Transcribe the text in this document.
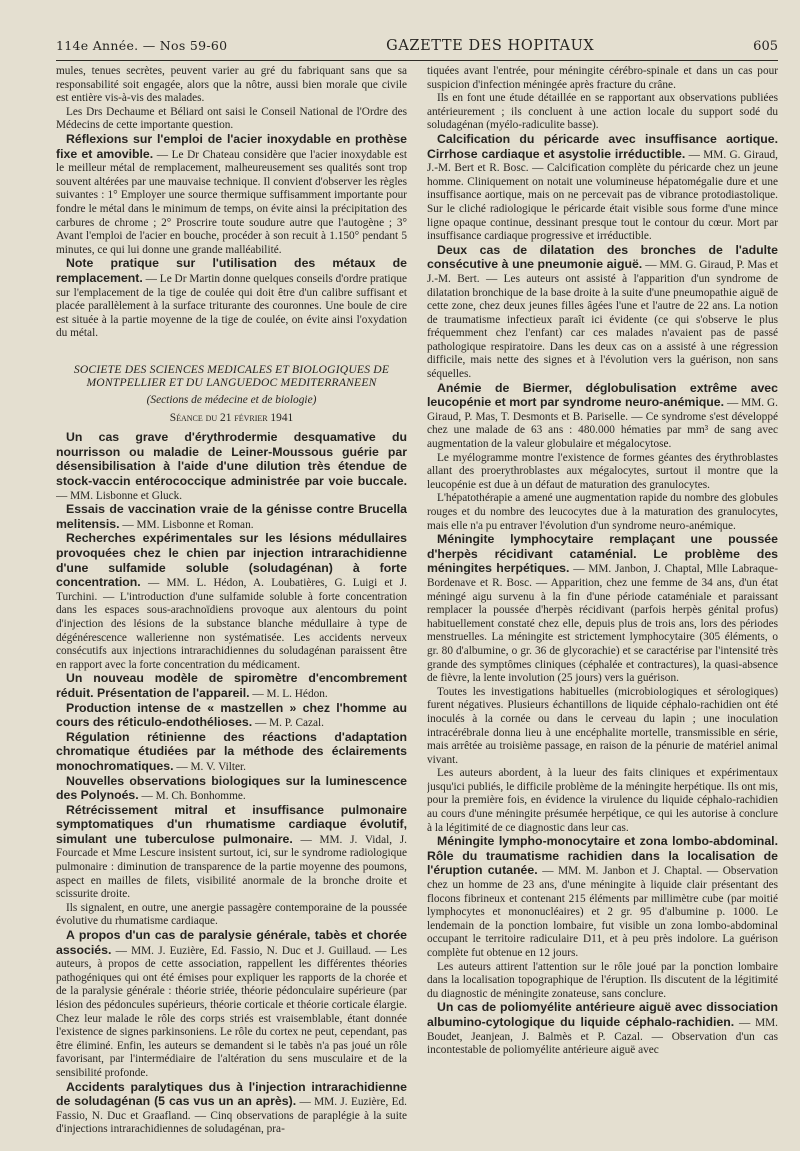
114e Année. — Nos 59-60	GAZETTE DES HOPITAUX	605

mules, tenues secrètes, peuvent varier au gré du fabriquant sans que sa responsabilité soit engagée, alors que la nôtre, aussi bien morale que civile est entière vis-à-vis des malades.

Les Drs Dechaume et Béliard ont saisi le Conseil National de l'Ordre des Médecins de cette importante question.

Réflexions sur l'emploi de l'acier inoxydable en prothèse fixe et amovible. — Le Dr Chateau considère que l'acier inoxydable est le meilleur métal de remplacement, malheureusement ses qualités sont trop souvent altérées par une mauvaise technique. Il convient d'observer les règles suivantes : 1° Employer une source thermique suffisamment importante pour fondre le métal dans le minimum de temps, on évite ainsi la précipitation des carbures de chrome ; 2° Proscrire toute soudure autre que l'autogène ; 3° Avant l'emploi de l'acier en bouche, procéder à son recuit à 1.150° pendant 5 minutes, ce qui lui donne une grande malléabilité.

Note pratique sur l'utilisation des métaux de remplacement. — Le Dr Martin donne quelques conseils d'ordre pratique sur l'emplacement de la tige de coulée qui doit être d'un calibre suffisant et placée parallèlement à la surface triturante des couronnes. Une boule de cire est située à la partie moyenne de la tige de coulée, on évite ainsi l'oxydation du métal.

SOCIETE DES SCIENCES MEDICALES ET BIOLOGIQUES DE MONTPELLIER ET DU LANGUEDOC MEDITERRANEEN
(Sections de médecine et de biologie)
Séance du 21 février 1941

Un cas grave d'érythrodermie desquamative du nourrisson ou maladie de Leiner-Moussous guérie par désensibilisation à l'aide d'une dilution très étendue de stock-vaccin entérococcique administrée par voie buccale. — MM. Lisbonne et Gluck.

Essais de vaccination vraie de la génisse contre Brucella melitensis. — MM. Lisbonne et Roman.

Recherches expérimentales sur les lésions médullaires provoquées chez le chien par injection intrarachidienne d'une sulfamide soluble (soludagénan) à forte concentration. — MM. L. Hédon, A. Loubatières, G. Luigi et J. Turchini. — L'introduction d'une sulfamide soluble à forte concentration dans les espaces sous-arachnoïdiens provoque aux alentours du point d'injection des lésions de la substance blanche médullaire à type de dégénérescence wallerienne non systématisée. Les accidents nerveux consécutifs aux injections intrarachidiennes du soludagénan paraissent être en rapport avec la forte concentration du médicament.

Un nouveau modèle de spiromètre d'encombrement réduit. Présentation de l'appareil. — M. L. Hédon.

Production intense de « mastzellen » chez l'homme au cours des réticulo-endothélioses. — M. P. Cazal.

Régulation rétinienne des réactions d'adaptation chromatique étudiées par la méthode des éclairements monochromatiques. — M. V. Vilter.

Nouvelles observations biologiques sur la luminescence des Polynoés. — M. Ch. Bonhomme.

Rétrécissement mitral et insuffisance pulmonaire symptomatiques d'un rhumatisme cardiaque évolutif, simulant une tuberculose pulmonaire. — MM. J. Vidal, J. Fourcade et Mme Lescure insistent surtout, ici, sur le syndrome radiologique pulmonaire : diminution de transparence de la partie moyenne des poumons, aspect en mailles de filets, visibilité anormale de la bronche droite et scissurite droite.

Ils signalent, en outre, une anergie passagère contemporaine de la poussée évolutive du rhumatisme cardiaque.

A propos d'un cas de paralysie générale, tabès et chorée associés. — MM. J. Euzière, Ed. Fassio, N. Duc et J. Guillaud. — Les auteurs, à propos de cette association, rappellent les différentes théories pathogéniques qui ont été émises pour expliquer les rapports de la chorée et de la paralysie générale : théorie striée, théorie pédonculaire supérieure (par lésion des pédoncules supérieurs, théorie corticale et théorie corticale élargie. Chez leur malade le rôle des corps striés est vraisemblable, étant donnée l'existence de signes parkinsoniens. Le rôle du cortex ne peut, cependant, pas être éliminé. Enfin, les auteurs se demandent si le tabès n'a pas joué un rôle favorisant, par l'intermédiaire de l'altération du sens musculaire et de la sensibilité profonde.

Accidents paralytiques dus à l'injection intrarachidienne de soludagénan (5 cas vus un an après). — MM. J. Euzière, Ed. Fassio, N. Duc et Graafland. — Cinq observations de paraplégie à la suite d'injections intrarachidiennes de soludagénan, pra-

tiquées avant l'entrée, pour méningite cérébro-spinale et dans un cas pour suspicion d'infection méningée après fracture du crâne.

Ils en font une étude détaillée en se rapportant aux observations publiées antérieurement ; ils concluent à une action locale du support sodé du soludagénan (myélo-radiculite basse).

Calcification du péricarde avec insuffisance aortique. Cirrhose cardiaque et asystolie irréductible. — MM. G. Giraud, J.-M. Bert et R. Bosc. — Calcification complète du péricarde chez un jeune homme. Cliniquement on notait une volumineuse hépatomégalie dure et une insuffisance aortique, mais on ne percevait pas de vibrance protodiastolique. Sur le cliché radiologique le péricarde était visible sous forme d'une mince ligne opaque continue, dessinant presque tout le contour du cœur. Mort par insuffisance cardiaque progressive et irréductible.

Deux cas de dilatation des bronches de l'adulte consécutive à une pneumonie aiguë. — MM. G. Giraud, P. Mas et J.-M. Bert. — Les auteurs ont assisté à l'apparition d'un syndrome de dilatation bronchique de la base droite à la suite d'une pneumopathie aiguë de cette zone, chez deux jeunes filles âgées l'une et l'autre de 22 ans. La notion de traumatisme infectieux paraît ici évidente (ce qui s'observe le plus fréquemment chez l'enfant) car ces malades n'avaient pas de passé pathologique respiratoire. Dans les deux cas on a assisté à une régression difficile, mais nette des signes et à l'évolution vers la guérison, non sans séquelles.

Anémie de Biermer, déglobulisation extrême avec leucopénie et mort par syndrome neuro-anémique. — MM. G. Giraud, P. Mas, T. Desmonts et B. Pariselle. — Ce syndrome s'est développé chez une malade de 63 ans : 480.000 hématies par mm³ de sang avec augmentation de la valeur globulaire et mégalocytose.

Le myélogramme montre l'existence de formes géantes des érythroblastes allant des proerythroblastes aux mégalocytes, surtout il montre que la leucopénie est due à un défaut de maturation des granulocytes.

L'hépatothérapie a amené une augmentation rapide du nombre des globules rouges et du nombre des leucocytes due à la maturation des granulocytes, mais elle n'a pu entraver l'évolution d'un syndrome neuro-anémique.

Méningite lymphocytaire remplaçant une poussée d'herpès récidivant cataménial. Le problème des méningites herpétiques. — MM. Janbon, J. Chaptal, Mlle Labraque-Bordenave et R. Bosc. — Apparition, chez une femme de 34 ans, d'un état méningé aigu survenu à la fin d'une période cataméniale et paraissant remplacer la poussée d'herpès récidivant (parfois herpès génital profus) habituellement constaté chez elle, depuis plus de trois ans, lors des périodes menstruelles. La méningite est strictement lymphocytaire (305 éléments, o gr. 80 d'albumine, o gr. 36 de glycorachie) et se caractérise par l'intensité très grande des symptômes cliniques (céphalée et contractures), la quasi-absence de fièvre, la lente involution (25 jours) vers la guérison.

Toutes les investigations habituelles (microbiologiques et sérologiques) furent négatives. Plusieurs échantillons de liquide céphalo-rachidien ont été inoculés à la cornée ou dans le cerveau du lapin ; une inoculation intracérébrale donna lieu à une encéphalite mortelle, transmissible en série, mais arrêtée au troisième passage, en raison de la pénurie de matériel animal vivant.

Les auteurs abordent, à la lueur des faits cliniques et expérimentaux jusqu'ici publiés, le difficile problème de la méningite herpétique. Ils ont mis, pour la première fois, en évidence la virulence du liquide céphalo-rachidien au cours d'une méningite présumée herpétique, ce qui les autorise à conclure à la légitimité de ce diagnostic dans leur cas.

Méningite lympho-monocytaire et zona lombo-abdominal. Rôle du traumatisme rachidien dans la localisation de l'éruption cutanée. — MM. M. Janbon et J. Chaptal. — Observation chez un homme de 23 ans, d'une méningite à liquide clair présentant des flocons fibrineux et contenant 215 éléments par millimètre cube (par moitié lymphocytes et mononucléaires) et 2 gr. 95 d'albumine p. 1000. Le lendemain de la ponction lombaire, fut visible un zona lombo-abdominal occupant le territoire radiculaire D11, et à peu près indolore. La guérison complète fut obtenue en 12 jours.

Les auteurs attirent l'attention sur le rôle joué par la ponction lombaire dans la localisation topographique de l'éruption. Ils discutent de la légitimité du diagnostic de méningite zonateuse, sans conclure.

Un cas de poliomyélite antérieure aiguë avec dissociation albumino-cytologique du liquide céphalo-rachidien. — MM. Boudet, Jeanjean, J. Balmès et P. Cazal. — Observation d'un cas incontestable de poliomyélite antérieure aiguë avec
